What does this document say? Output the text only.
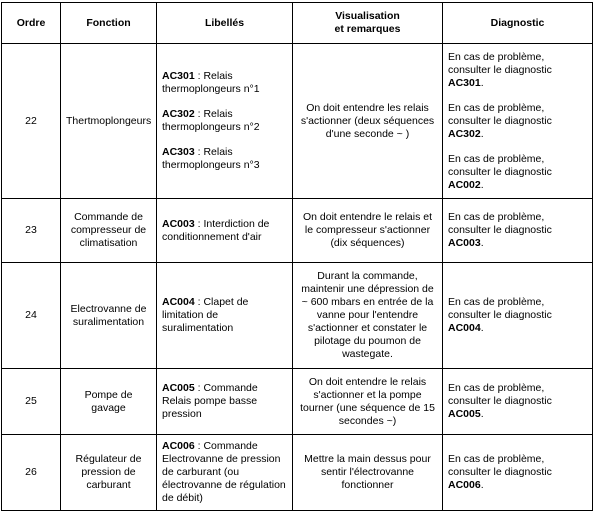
Ordre	Fonction	Libellés	Visualisation
et remarques	Diagnostic
22	Thertmoplongeurs	AC301 : Relais thermoplongeurs n°1
AC302 : Relais thermoplongeurs n°2
AC303 : Relais thermoplongeurs n°3	On doit entendre les relais s'actionner (deux séquences d'une seconde ~ )	En cas de problème, consulter le diagnostic AC301.
En cas de problème, consulter le diagnostic AC302.
En cas de problème, consulter le diagnostic AC002.

23	Commande de compresseur de climatisation	AC003 : Interdiction de conditionnement d'air	On doit entendre le relais et le compresseur s'actionner (dix séquences)	En cas de problème, consulter le diagnostic AC003.

24	Electrovanne de suralimentation	AC004 : Clapet de limitation de suralimentation	Durant la commande, maintenir une dépression de ~ 600 mbars en entrée de la vanne pour l'entendre s'actionner et constater le pilotage du poumon de wastegate.	En cas de problème, consulter le diagnostic AC004.

25	Pompe de gavage	AC005 : Commande Relais pompe basse pression	On doit entendre le relais s'actionner et la pompe tourner (une séquence de 15 secondes ~)	En cas de problème, consulter le diagnostic AC005.

26	Régulateur de pression de carburant	AC006 : Commande Electrovanne de pression de carburant (ou électrovanne de régulation de débit)	Mettre la main dessus pour sentir l'électrovanne fonctionner	En cas de problème, consulter le diagnostic AC006.
